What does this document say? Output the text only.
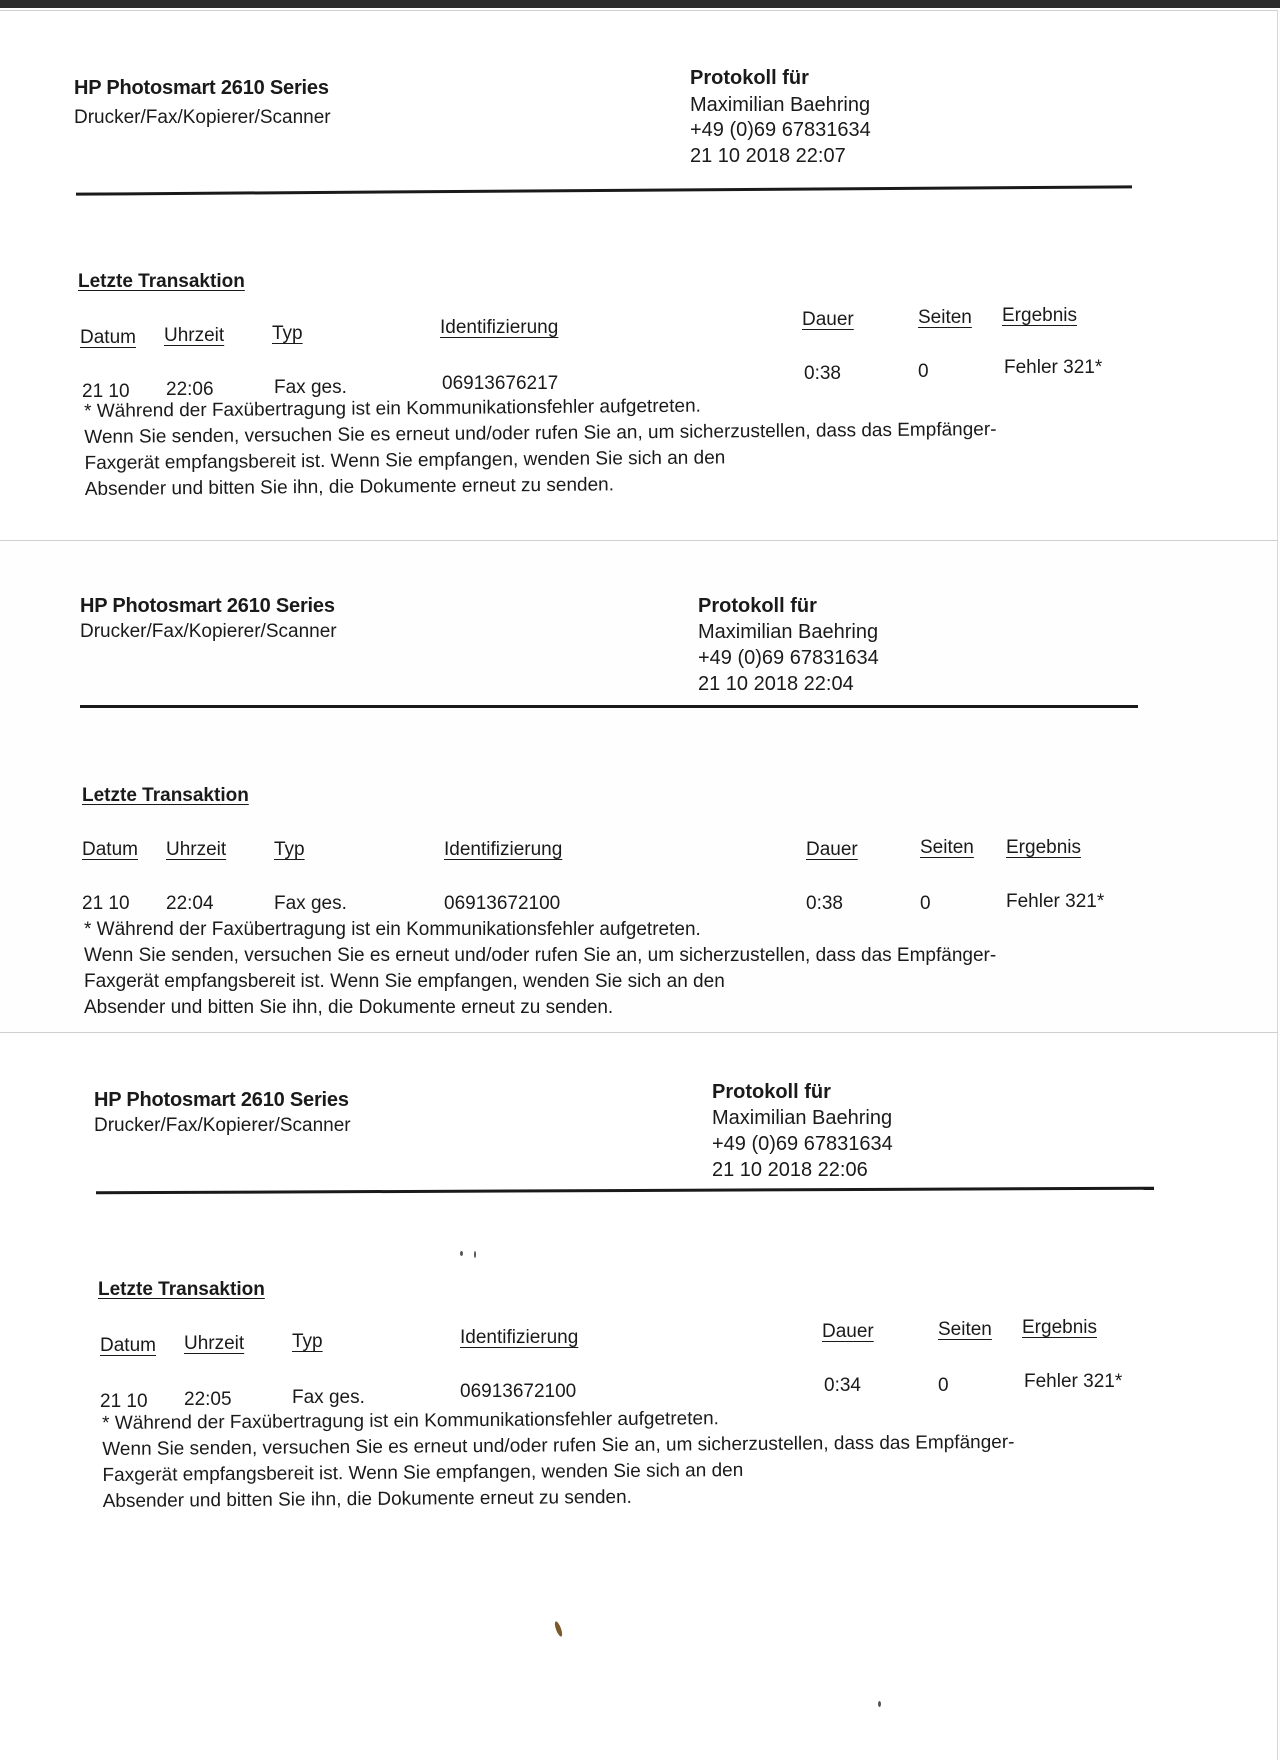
HP Photosmart 2610 Series
Drucker/Fax/Kopierer/Scanner
Protokoll für
Maximilian Baehring
+49 (0)69 67831634
21 10 2018 22:07
Letzte Transaktion
Datum Uhrzeit	Typ	Identifizierung	Dauer	Seiten Ergebnis
21 10 22:06	Fax ges.	06913676217	0:38	0	Fehler 321*
* Während der Faxübertragung ist ein Kommunikationsfehler aufgetreten.
Wenn Sie senden, versuchen Sie es erneut und/oder rufen Sie an, um sicherzustellen, dass das Empfänger-
Faxgerät empfangsbereit ist. Wenn Sie empfangen, wenden Sie sich an den
Absender und bitten Sie ihn, die Dokumente erneut zu senden.
HP Photosmart 2610 Series
Drucker/Fax/Kopierer/Scanner
Protokoll für
Maximilian Baehring
+49 (0)69 67831634
21 10 2018 22:04
Letzte Transaktion
Datum Uhrzeit	Typ	Identifizierung	Dauer	Seiten Ergebnis
21 10 22:04	Fax ges.	06913672100	0:38	0	Fehler 321*
* Während der Faxübertragung ist ein Kommunikationsfehler aufgetreten.
Wenn Sie senden, versuchen Sie es erneut und/oder rufen Sie an, um sicherzustellen, dass das Empfänger-
Faxgerät empfangsbereit ist. Wenn Sie empfangen, wenden Sie sich an den
Absender und bitten Sie ihn, die Dokumente erneut zu senden.
HP Photosmart 2610 Series
Drucker/Fax/Kopierer/Scanner
Protokoll für
Maximilian Baehring
+49 (0)69 67831634
21 10 2018 22:06
Letzte Transaktion
Datum Uhrzeit	Typ	Identifizierung	Dauer	Seiten Ergebnis
21 10 22:05	Fax ges.	06913672100	0:34	0	Fehler 321*
* Während der Faxübertragung ist ein Kommunikationsfehler aufgetreten.
Wenn Sie senden, versuchen Sie es erneut und/oder rufen Sie an, um sicherzustellen, dass das Empfänger-
Faxgerät empfangsbereit ist. Wenn Sie empfangen, wenden Sie sich an den
Absender und bitten Sie ihn, die Dokumente erneut zu senden.
